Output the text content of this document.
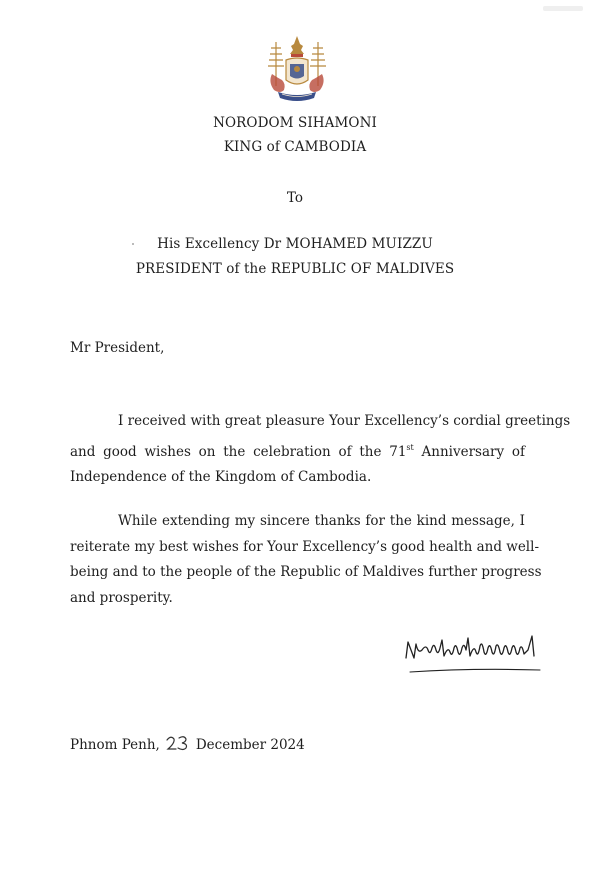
NORODOM SIHAMONI
KING of CAMBODIA
To
His Excellency Dr MOHAMED MUIZZU
PRESIDENT of the REPUBLIC OF MALDIVES
Mr President,
I received with great pleasure Your Excellency’s cordial greetings
and good wishes on the celebration of the 71st Anniversary of
Independence of the Kingdom of Cambodia.
While extending my sincere thanks for the kind message, I
reiterate my best wishes for Your Excellency’s good health and well-
being and to the people of the Republic of Maldives further progress
and prosperity.
Phnom Penh,	December 2024
